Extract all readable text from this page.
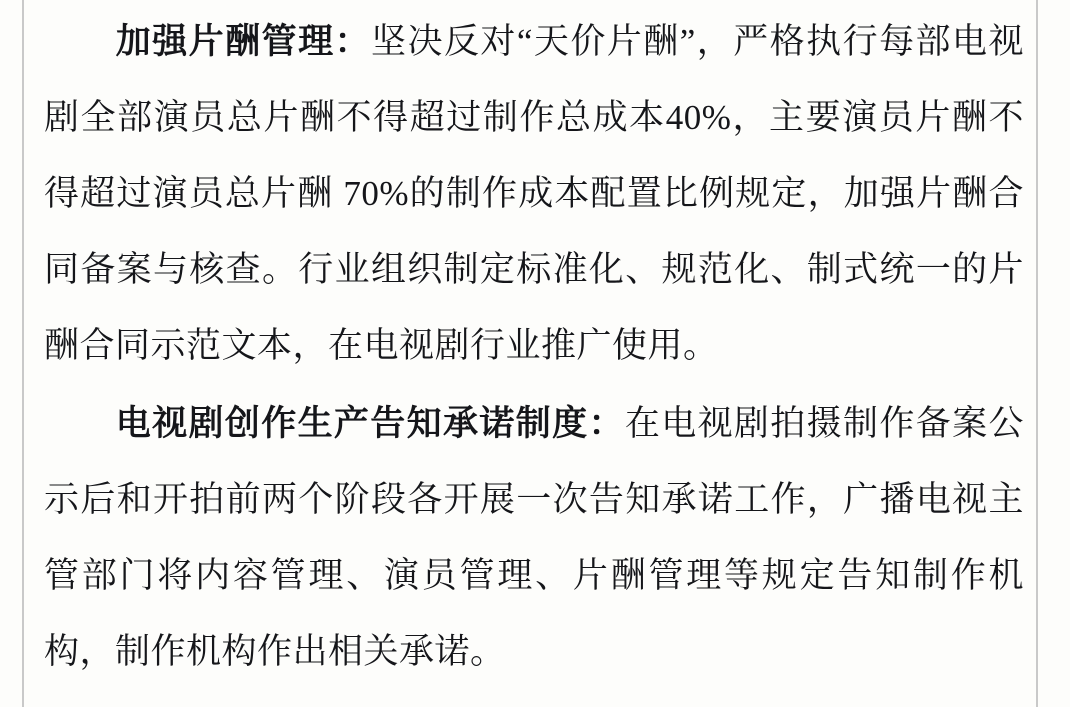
加强片酬管理：坚决反对“天价片酬”，严格执行每部电视剧全部演员总片酬不得超过制作总成本40%，主要演员片酬不得超过演员总片酬 70%的制作成本配置比例规定，加强片酬合同备案与核查。行业组织制定标准化、规范化、制式统一的片酬合同示范文本，在电视剧行业推广使用。

电视剧创作生产告知承诺制度：在电视剧拍摄制作备案公示后和开拍前两个阶段各开展一次告知承诺工作，广播电视主管部门将内容管理、演员管理、片酬管理等规定告知制作机构，制作机构作出相关承诺。
